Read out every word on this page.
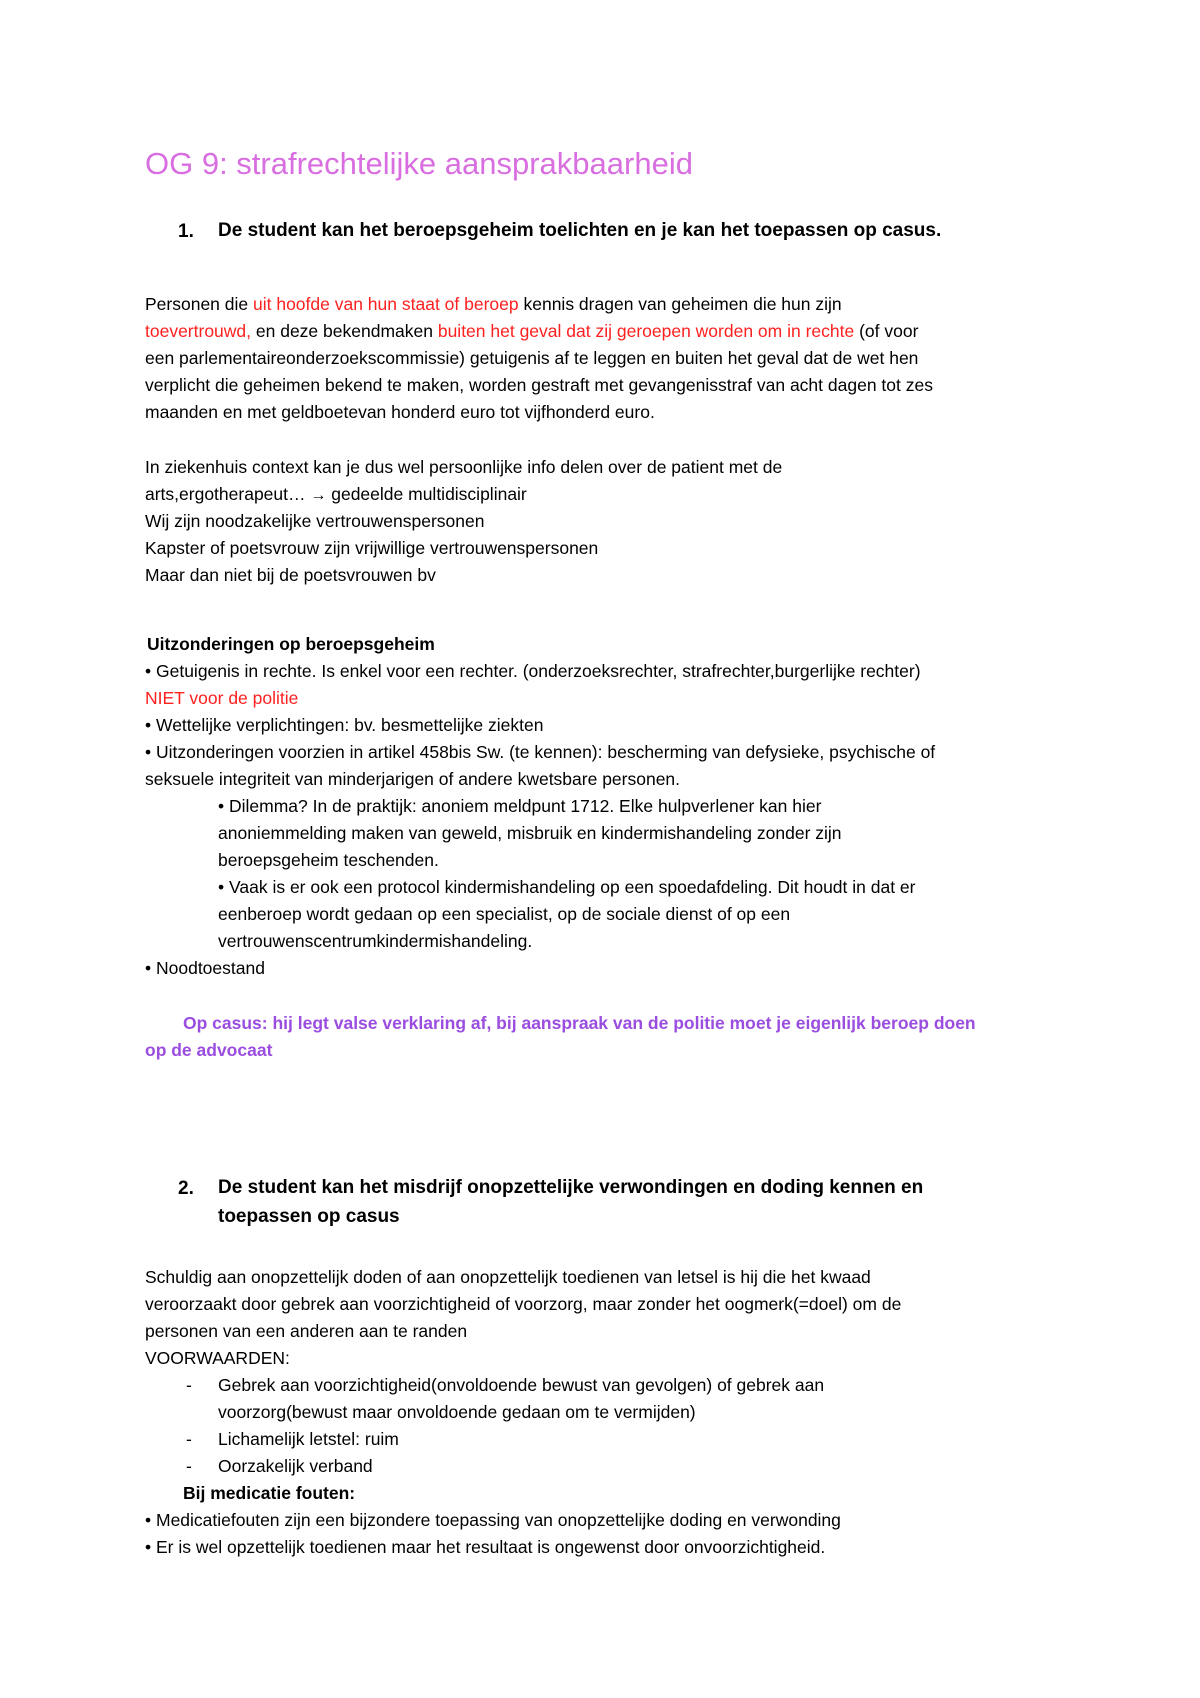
OG 9: strafrechtelijke aansprakbaarheid
1. De student kan het beroepsgeheim toelichten en je kan het toepassen op casus.
Personen die uit hoofde van hun staat of beroep kennis dragen van geheimen die hun zijn
toevertrouwd, en deze bekendmaken buiten het geval dat zij geroepen worden om in rechte (of voor
een parlementaireonderzoekscommissie) getuigenis af te leggen en buiten het geval dat de wet hen
verplicht die geheimen bekend te maken, worden gestraft met gevangenisstraf van acht dagen tot zes
maanden en met geldboetevan honderd euro tot vijfhonderd euro.
In ziekenhuis context kan je dus wel persoonlijke info delen over de patient met de
arts,ergotherapeut… → gedeelde multidisciplinair
Wij zijn noodzakelijke vertrouwenspersonen
Kapster of poetsvrouw zijn vrijwillige vertrouwenspersonen
Maar dan niet bij de poetsvrouwen bv
Uitzonderingen op beroepsgeheim
• Getuigenis in rechte. Is enkel voor een rechter. (onderzoeksrechter, strafrechter,burgerlijke rechter)
NIET voor de politie
• Wettelijke verplichtingen: bv. besmettelijke ziekten
• Uitzonderingen voorzien in artikel 458bis Sw. (te kennen): bescherming van defysieke, psychische of
seksuele integriteit van minderjarigen of andere kwetsbare personen.
• Dilemma? In de praktijk: anoniem meldpunt 1712. Elke hulpverlener kan hier
anoniemmelding maken van geweld, misbruik en kindermishandeling zonder zijn
beroepsgeheim teschenden.
• Vaak is er ook een protocol kindermishandeling op een spoedafdeling. Dit houdt in dat er
eenberoep wordt gedaan op een specialist, op de sociale dienst of op een
vertrouwenscentrumkindermishandeling.
• Noodtoestand
Op casus: hij legt valse verklaring af, bij aanspraak van de politie moet je eigenlijk beroep doen
op de advocaat
2. De student kan het misdrijf onopzettelijke verwondingen en doding kennen en
toepassen op casus
Schuldig aan onopzettelijk doden of aan onopzettelijk toedienen van letsel is hij die het kwaad
veroorzaakt door gebrek aan voorzichtigheid of voorzorg, maar zonder het oogmerk(=doel) om de
personen van een anderen aan te randen
VOORWAARDEN:
- Gebrek aan voorzichtigheid(onvoldoende bewust van gevolgen) of gebrek aan
voorzorg(bewust maar onvoldoende gedaan om te vermijden)
- Lichamelijk letstel: ruim
- Oorzakelijk verband
Bij medicatie fouten:
• Medicatiefouten zijn een bijzondere toepassing van onopzettelijke doding en verwonding
• Er is wel opzettelijk toedienen maar het resultaat is ongewenst door onvoorzichtigheid.
